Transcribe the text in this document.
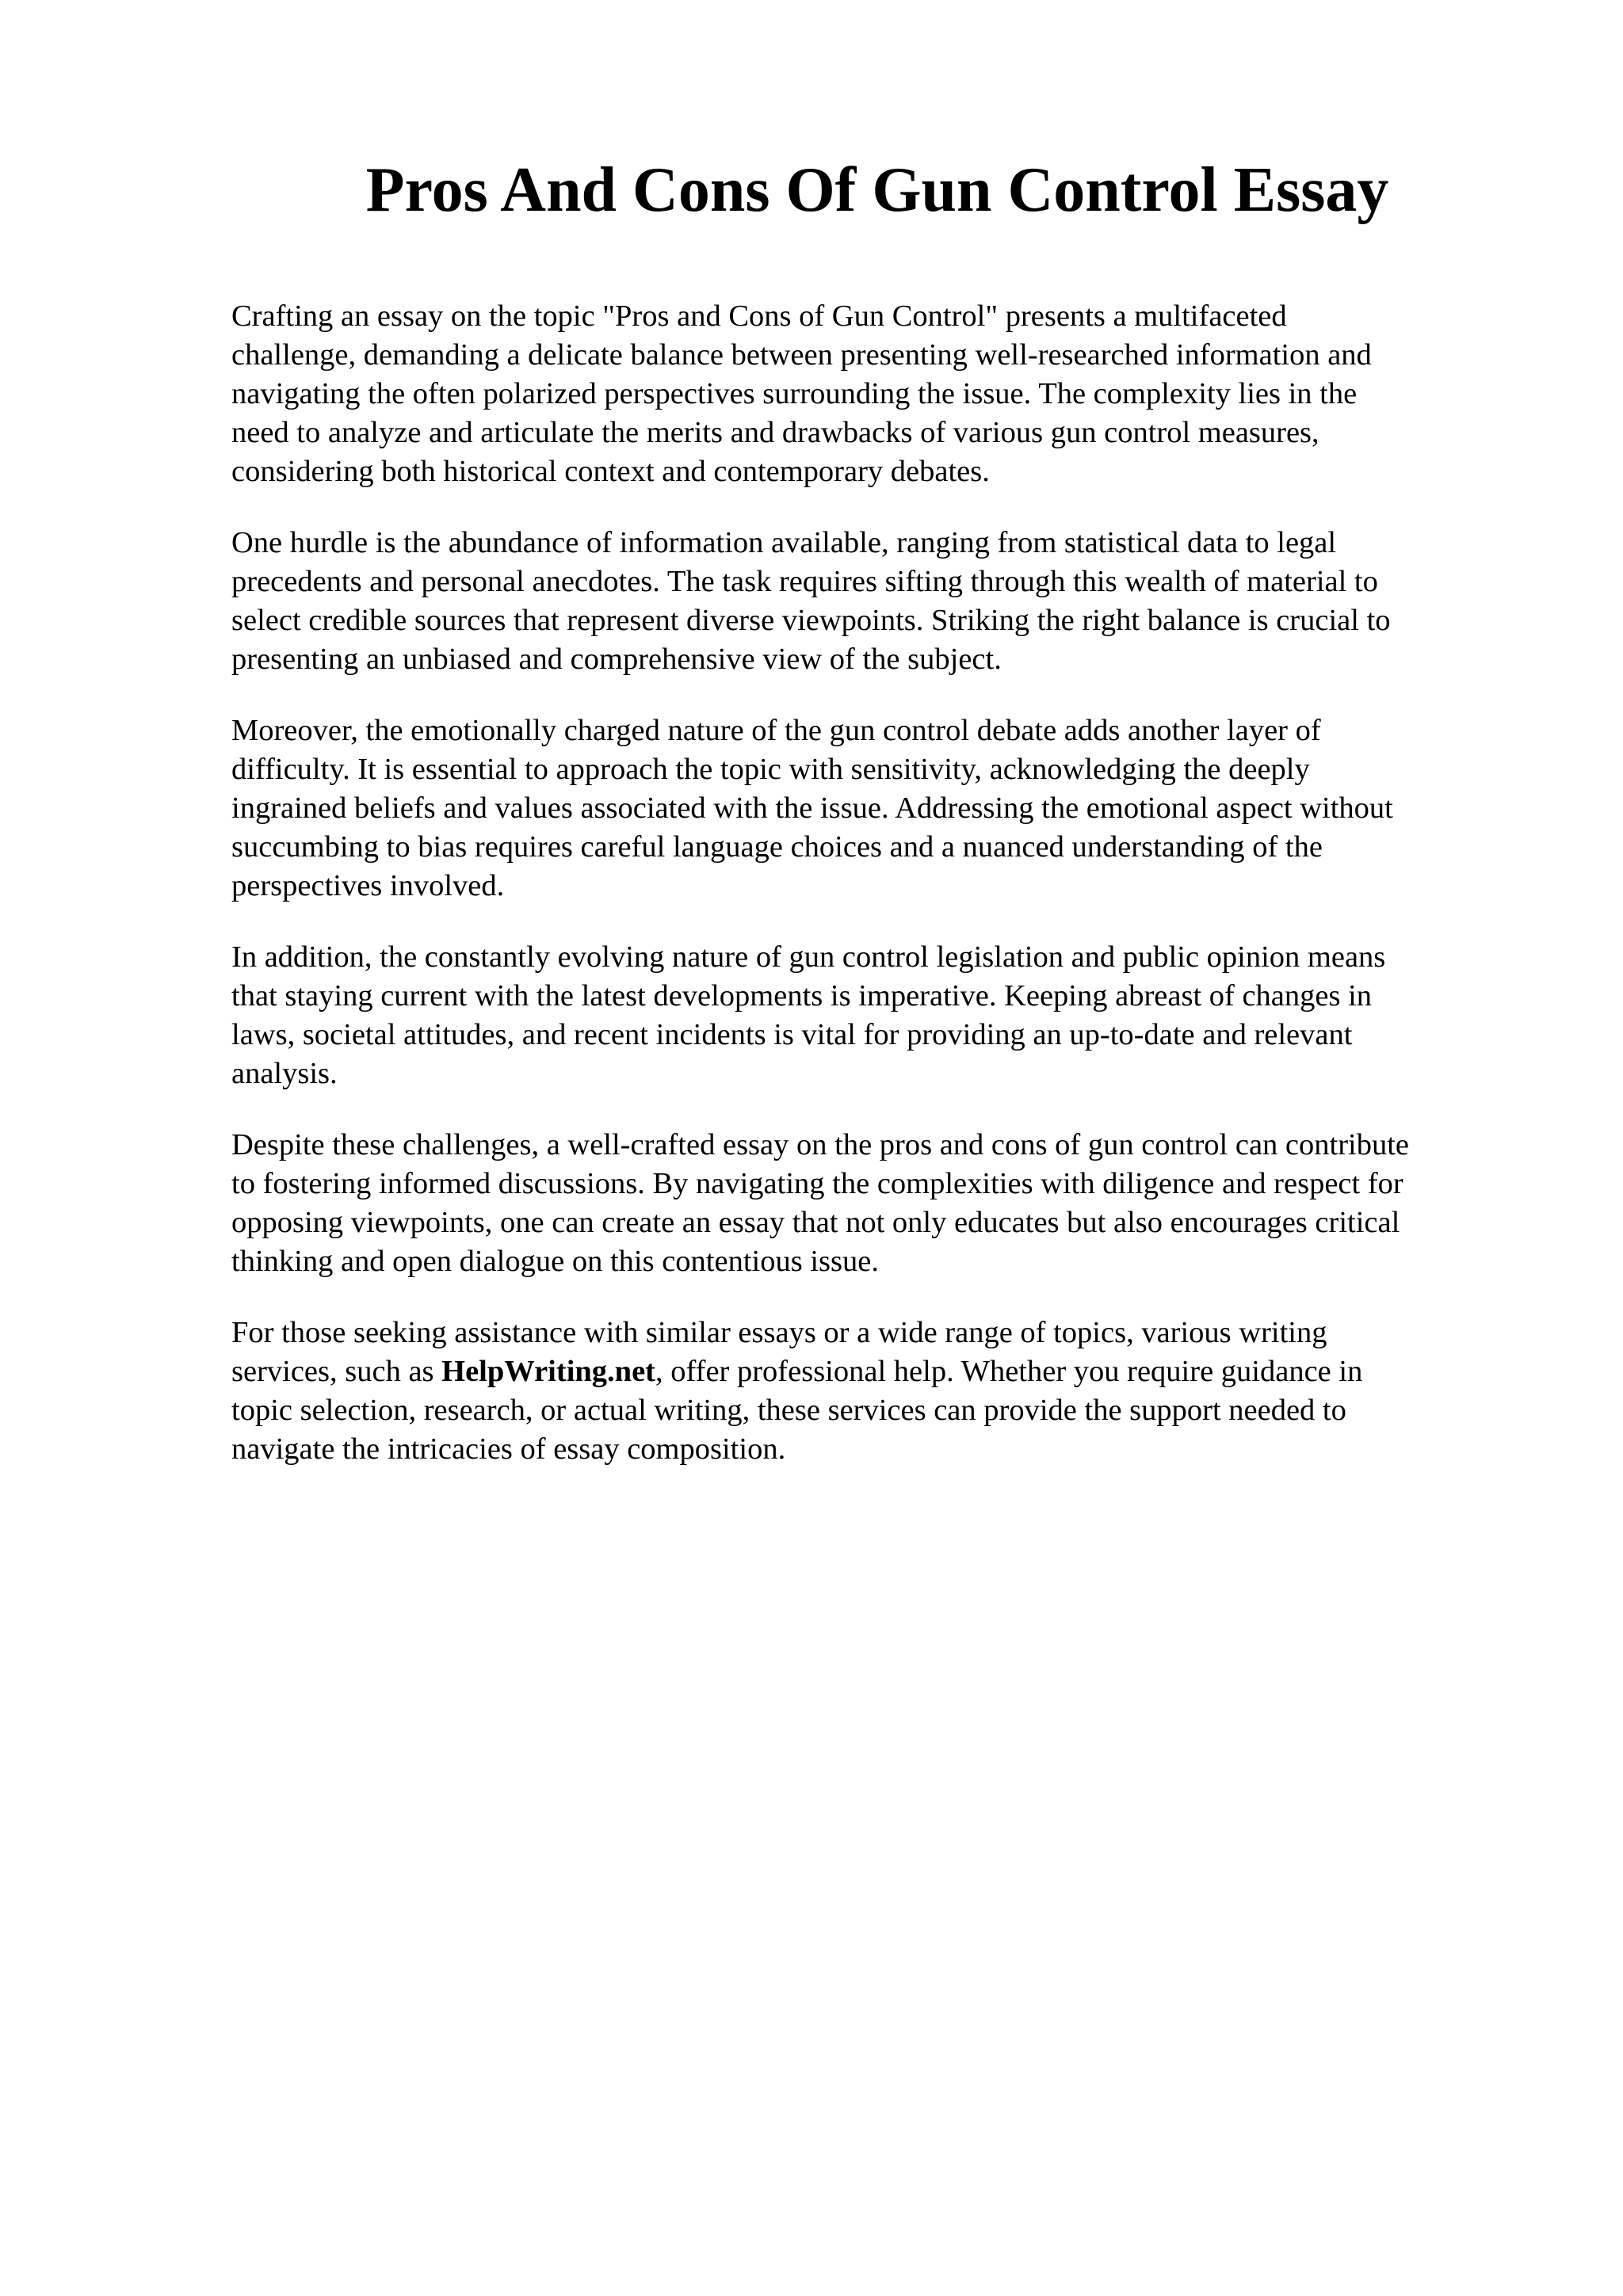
Pros And Cons Of Gun Control Essay

Crafting an essay on the topic "Pros and Cons of Gun Control" presents a multifaceted
challenge, demanding a delicate balance between presenting well-researched information and
navigating the often polarized perspectives surrounding the issue. The complexity lies in the
need to analyze and articulate the merits and drawbacks of various gun control measures,
considering both historical context and contemporary debates.

One hurdle is the abundance of information available, ranging from statistical data to legal
precedents and personal anecdotes. The task requires sifting through this wealth of material to
select credible sources that represent diverse viewpoints. Striking the right balance is crucial to
presenting an unbiased and comprehensive view of the subject.

Moreover, the emotionally charged nature of the gun control debate adds another layer of
difficulty. It is essential to approach the topic with sensitivity, acknowledging the deeply
ingrained beliefs and values associated with the issue. Addressing the emotional aspect without
succumbing to bias requires careful language choices and a nuanced understanding of the
perspectives involved.

In addition, the constantly evolving nature of gun control legislation and public opinion means
that staying current with the latest developments is imperative. Keeping abreast of changes in
laws, societal attitudes, and recent incidents is vital for providing an up-to-date and relevant
analysis.

Despite these challenges, a well-crafted essay on the pros and cons of gun control can contribute
to fostering informed discussions. By navigating the complexities with diligence and respect for
opposing viewpoints, one can create an essay that not only educates but also encourages critical
thinking and open dialogue on this contentious issue.

For those seeking assistance with similar essays or a wide range of topics, various writing
services, such as HelpWriting.net, offer professional help. Whether you require guidance in
topic selection, research, or actual writing, these services can provide the support needed to
navigate the intricacies of essay composition.
